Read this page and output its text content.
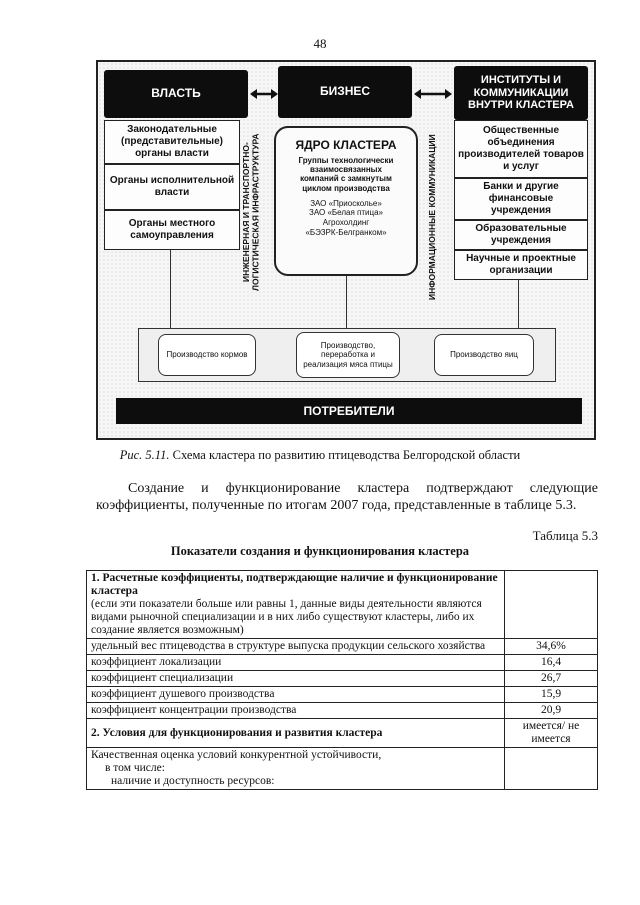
48
ВЛАСТЬ	БИЗНЕС
ИНСТИТУТЫ И КОММУНИКАЦИИ ВНУТРИ КЛАСТЕРА
Законодательные (представительные) органы власти
Органы исполнительной власти
Органы местного самоуправления	ИНЖЕНЕРНАЯ И ТРАНСПОРТНО-
ЛОГИСТИЧЕСКАЯ ИНФРАСТРУКТУРА	ЯДРО КЛАСТЕРА
Группы технологически
взаимосвязанных
компаний с замкнутым
циклом производства
ЗАО «Приосколье»
ЗАО «Белая птица»
Агрохолдинг
«БЭЗРК-Белгранком»	ИНФОРМАЦИОННЫЕ КОММУНИКАЦИИ
Общественные объединения производителей товаров и услуг
Банки и другие финансовые учреждения
Образовательные учреждения
Научные и проектные организации
Производство кормов
Производство, переработка и реализация мяса птицы
Производство яиц
ПОТРЕБИТЕЛИ
Рис. 5.11. Схема кластера по развитию птицеводства Белгородской области
Создание и функционирование кластера подтверждают следующие коэффициенты, полученные по итогам 2007 года, представленные в таблице 5.3.
Таблица 5.3
Показатели создания и функционирования кластера
1. Расчетные коэффициенты, подтверждающие наличие и функционирование кластера
(если эти показатели больше или равны 1, данные виды деятельности являются видами рыночной специализации и в них либо существуют кластеры, либо их создание является возможным)	

удельный вес птицеводства в структуре выпуска продукции сельского хозяйства	34,6%
коэффициент локализации	16,4
коэффициент специализации	26,7
коэффициент душевого производства	15,9
коэффициент концентрации производства	20,9
2. Условия для функционирования и развития кластера	имеется/ не имеется

Качественная оценка условий конкурентной устойчивости,
в том числе:
наличие и доступность ресурсов:	
